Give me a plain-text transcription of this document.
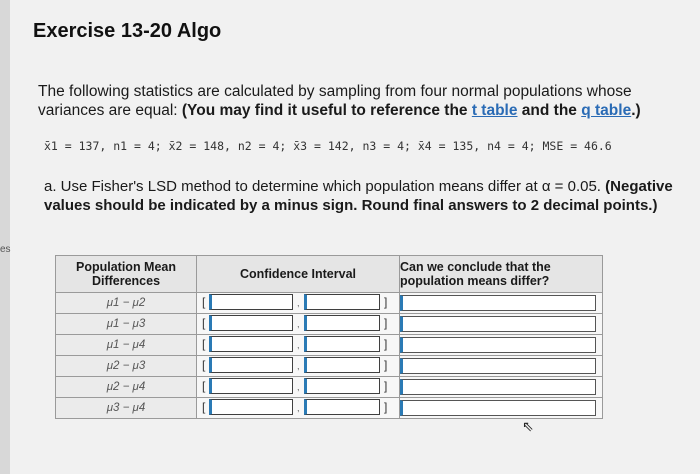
es
Exercise 13-20 Algo
The following statistics are calculated by sampling from four normal populations whose variances are equal: (You may find it useful to reference the t table and the q table.)
x̄1 = 137, n1 = 4; x̄2 = 148, n2 = 4; x̄3 = 142, n3 = 4; x̄4 = 135, n4 = 4; MSE = 46.6
a. Use Fisher's LSD method to determine which population means differ at α = 0.05. (Negative values should be indicated by a minus sign. Round final answers to 2 decimal points.)
Population Mean Differences	Confidence Interval	Can we conclude that the population means differ?
μ1 − μ2	[ , ]	

μ1 − μ3	[ , ]	

μ1 − μ4	[ , ]	

μ2 − μ3	[ , ]	

μ2 − μ4	[ , ]	

μ3 − μ4	[ , ]	

⇖
